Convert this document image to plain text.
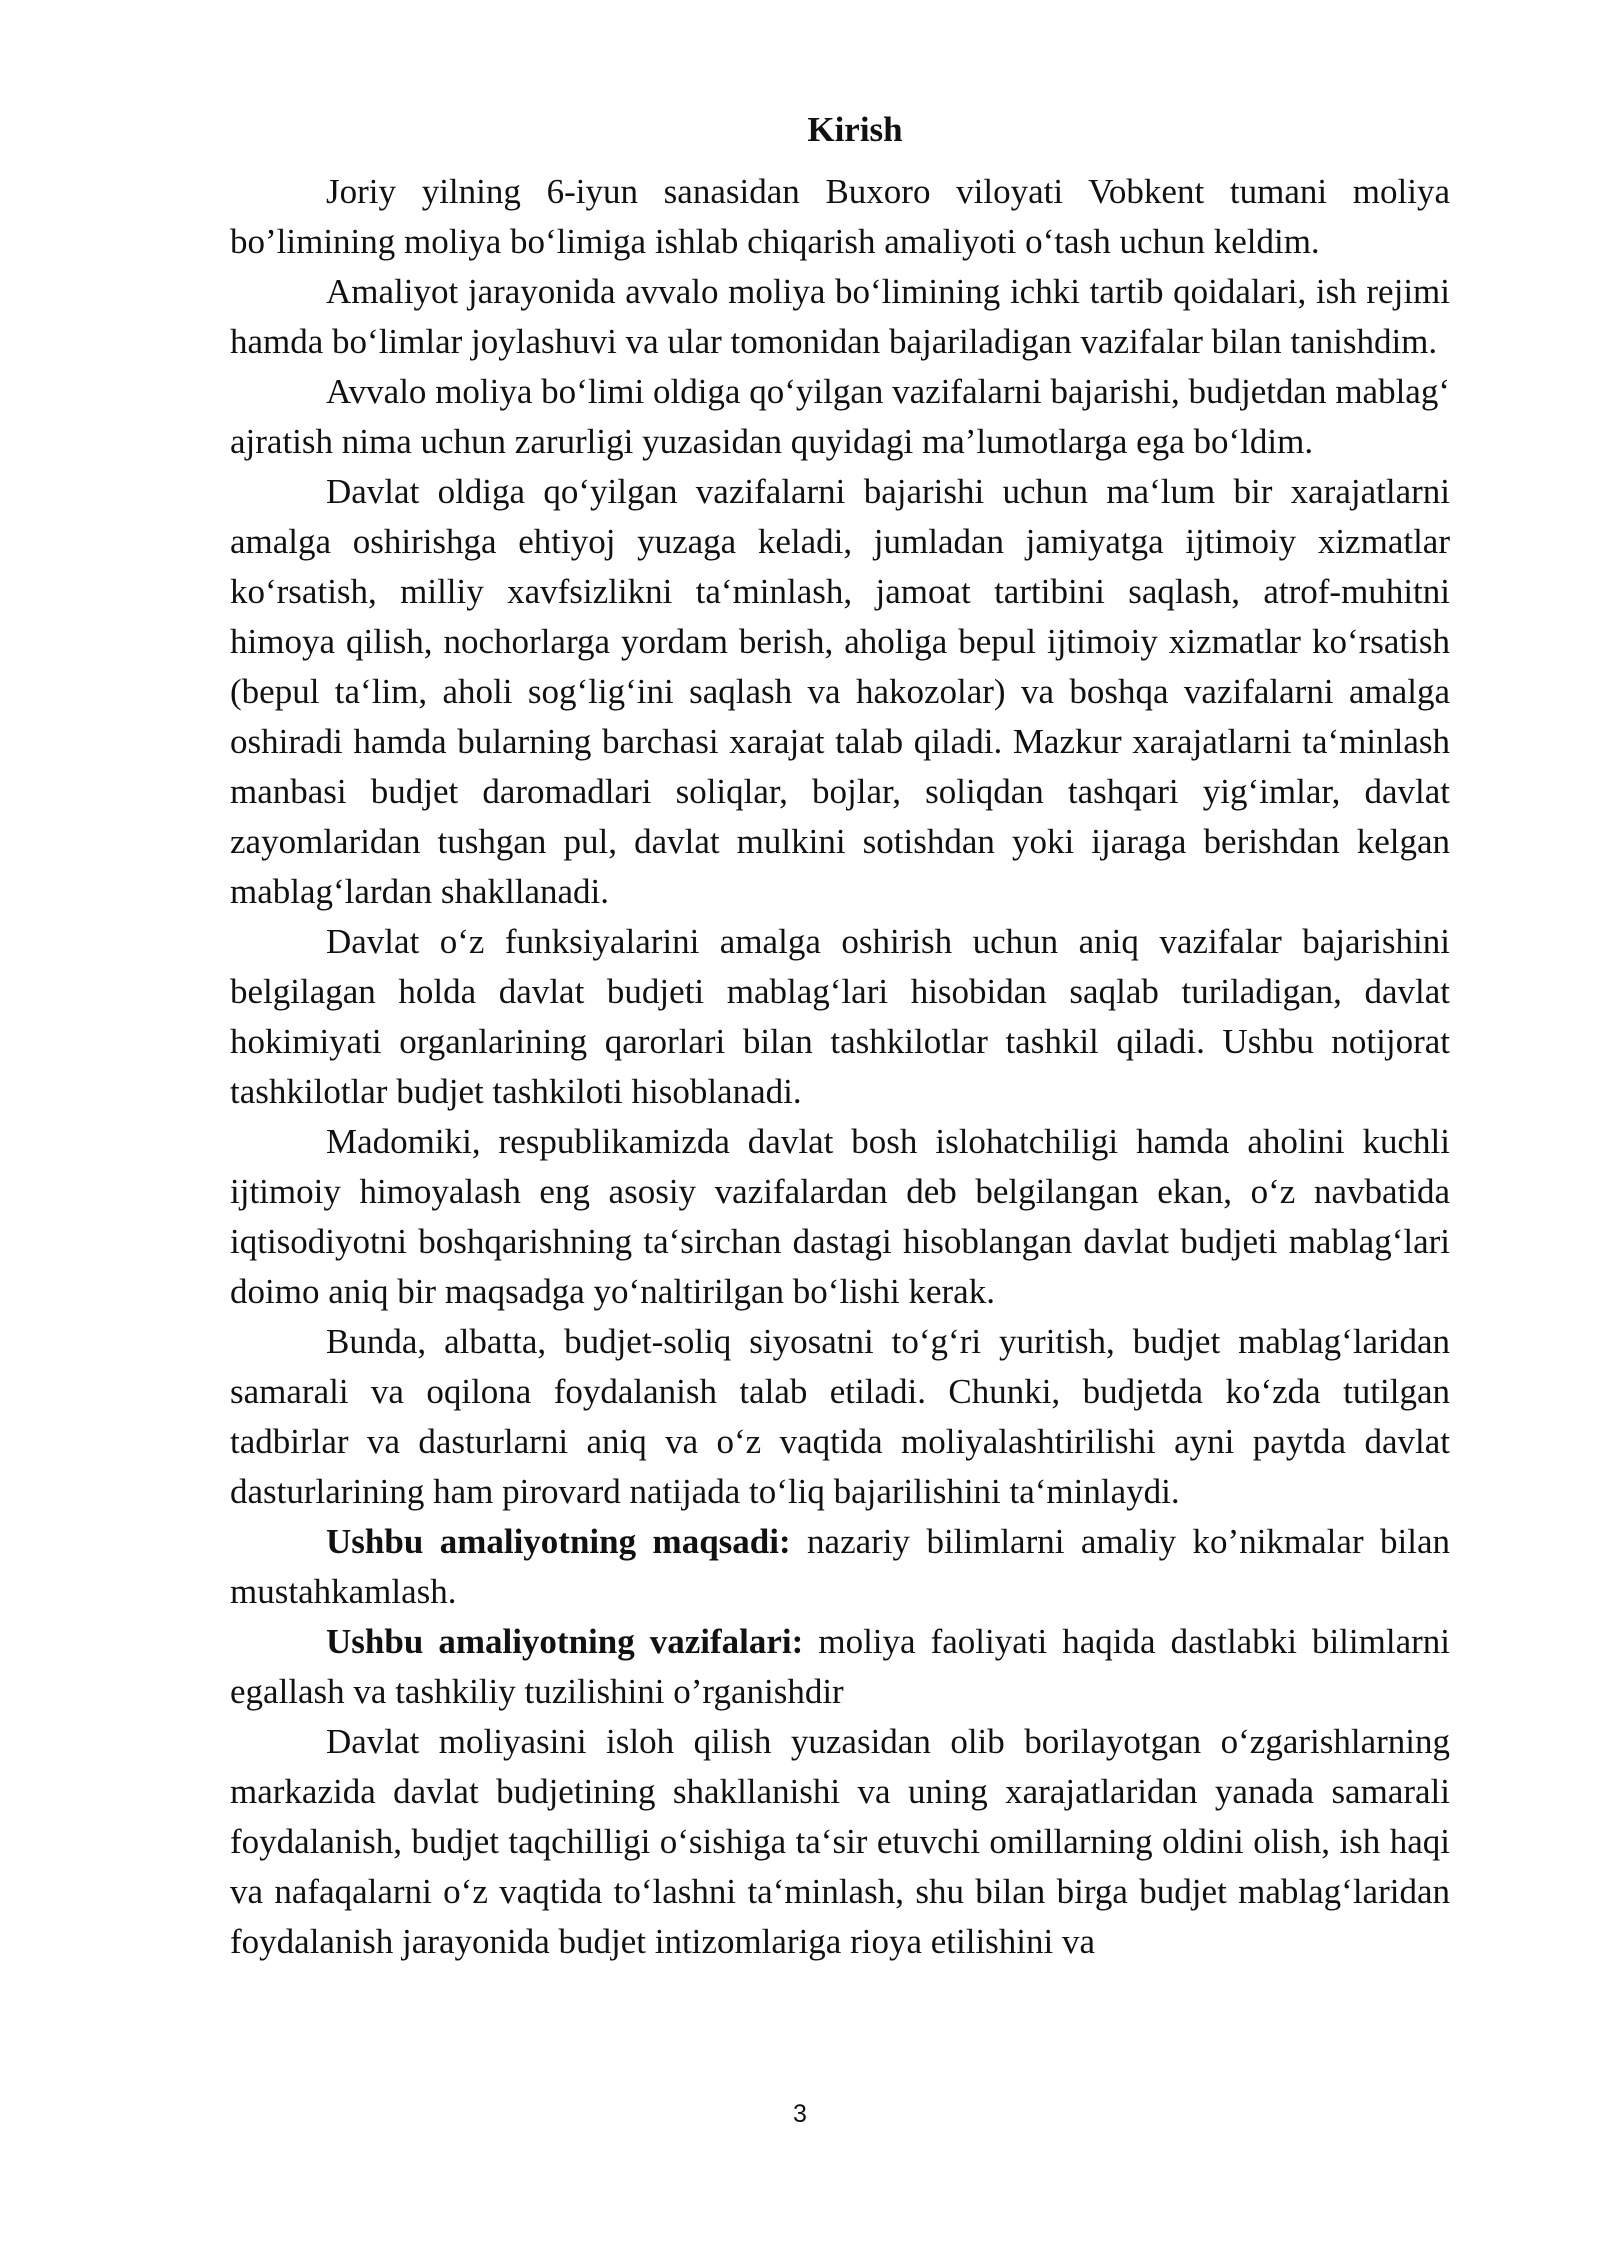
Kirish

Joriy yilning 6-iyun sanasidan Buxoro viloyati Vobkent tumani moliya bo’limining moliya bo‘limiga ishlab chiqarish amaliyoti o‘tash uchun keldim.

Amaliyot jarayonida avvalo moliya bo‘limining ichki tartib qoidalari, ish rejimi hamda bo‘limlar joylashuvi va ular tomonidan bajariladigan vazifalar bilan tanishdim.

Avvalo moliya bo‘limi oldiga qo‘yilgan vazifalarni bajarishi, budjetdan mablag‘ ajratish nima uchun zarurligi yuzasidan quyidagi ma’lumotlarga ega bo‘ldim.

Davlat oldiga qo‘yilgan vazifalarni bajarishi uchun ma‘lum bir xarajatlarni amalga oshirishga ehtiyoj yuzaga keladi, jumladan jamiyatga ijtimoiy xizmatlar ko‘rsatish, milliy xavfsizlikni ta‘minlash, jamoat tartibini saqlash, atrof-muhitni himoya qilish, nochorlarga yordam berish, aholiga bepul ijtimoiy xizmatlar ko‘rsatish (bepul ta‘lim, aholi sog‘lig‘ini saqlash va hakozolar) va boshqa vazifalarni amalga oshiradi hamda bularning barchasi xarajat talab qiladi. Mazkur xarajatlarni ta‘minlash manbasi budjet daromadlari soliqlar, bojlar, soliqdan tashqari yig‘imlar, davlat zayomlaridan tushgan pul, davlat mulkini sotishdan yoki ijaraga berishdan kelgan mablag‘lardan shakllanadi.

Davlat o‘z funksiyalarini amalga oshirish uchun aniq vazifalar bajarishini belgilagan holda davlat budjeti mablag‘lari hisobidan saqlab turiladigan, davlat hokimiyati organlarining qarorlari bilan tashkilotlar tashkil qiladi. Ushbu notijorat tashkilotlar budjet tashkiloti hisoblanadi.

Madomiki, respublikamizda davlat bosh islohatchiligi hamda aholini kuchli ijtimoiy himoyalash eng asosiy vazifalardan deb belgilangan ekan, o‘z navbatida iqtisodiyotni boshqarishning ta‘sirchan dastagi hisoblangan davlat budjeti mablag‘lari doimo aniq bir maqsadga yo‘naltirilgan bo‘lishi kerak.

Bunda, albatta, budjet-soliq siyosatni to‘g‘ri yuritish, budjet mablag‘laridan samarali va oqilona foydalanish talab etiladi. Chunki, budjetda ko‘zda tutilgan tadbirlar va dasturlarni aniq va o‘z vaqtida moliyalashtirilishi ayni paytda davlat dasturlarining ham pirovard natijada to‘liq bajarilishini ta‘minlaydi.

Ushbu amaliyotning maqsadi: nazariy bilimlarni amaliy ko’nikmalar bilan mustahkamlash.

Ushbu amaliyotning vazifalari: moliya faoliyati haqida dastlabki bilimlarni egallash va tashkiliy tuzilishini o’rganishdir

Davlat moliyasini isloh qilish yuzasidan olib borilayotgan o‘zgarishlarning markazida davlat budjetining shakllanishi va uning xarajatlaridan yanada samarali foydalanish, budjet taqchilligi o‘sishiga ta‘sir etuvchi omillarning oldini olish, ish haqi va nafaqalarni o‘z vaqtida to‘lashni ta‘minlash, shu bilan birga budjet mablag‘laridan foydalanish jarayonida budjet intizomlariga rioya etilishini va

3
